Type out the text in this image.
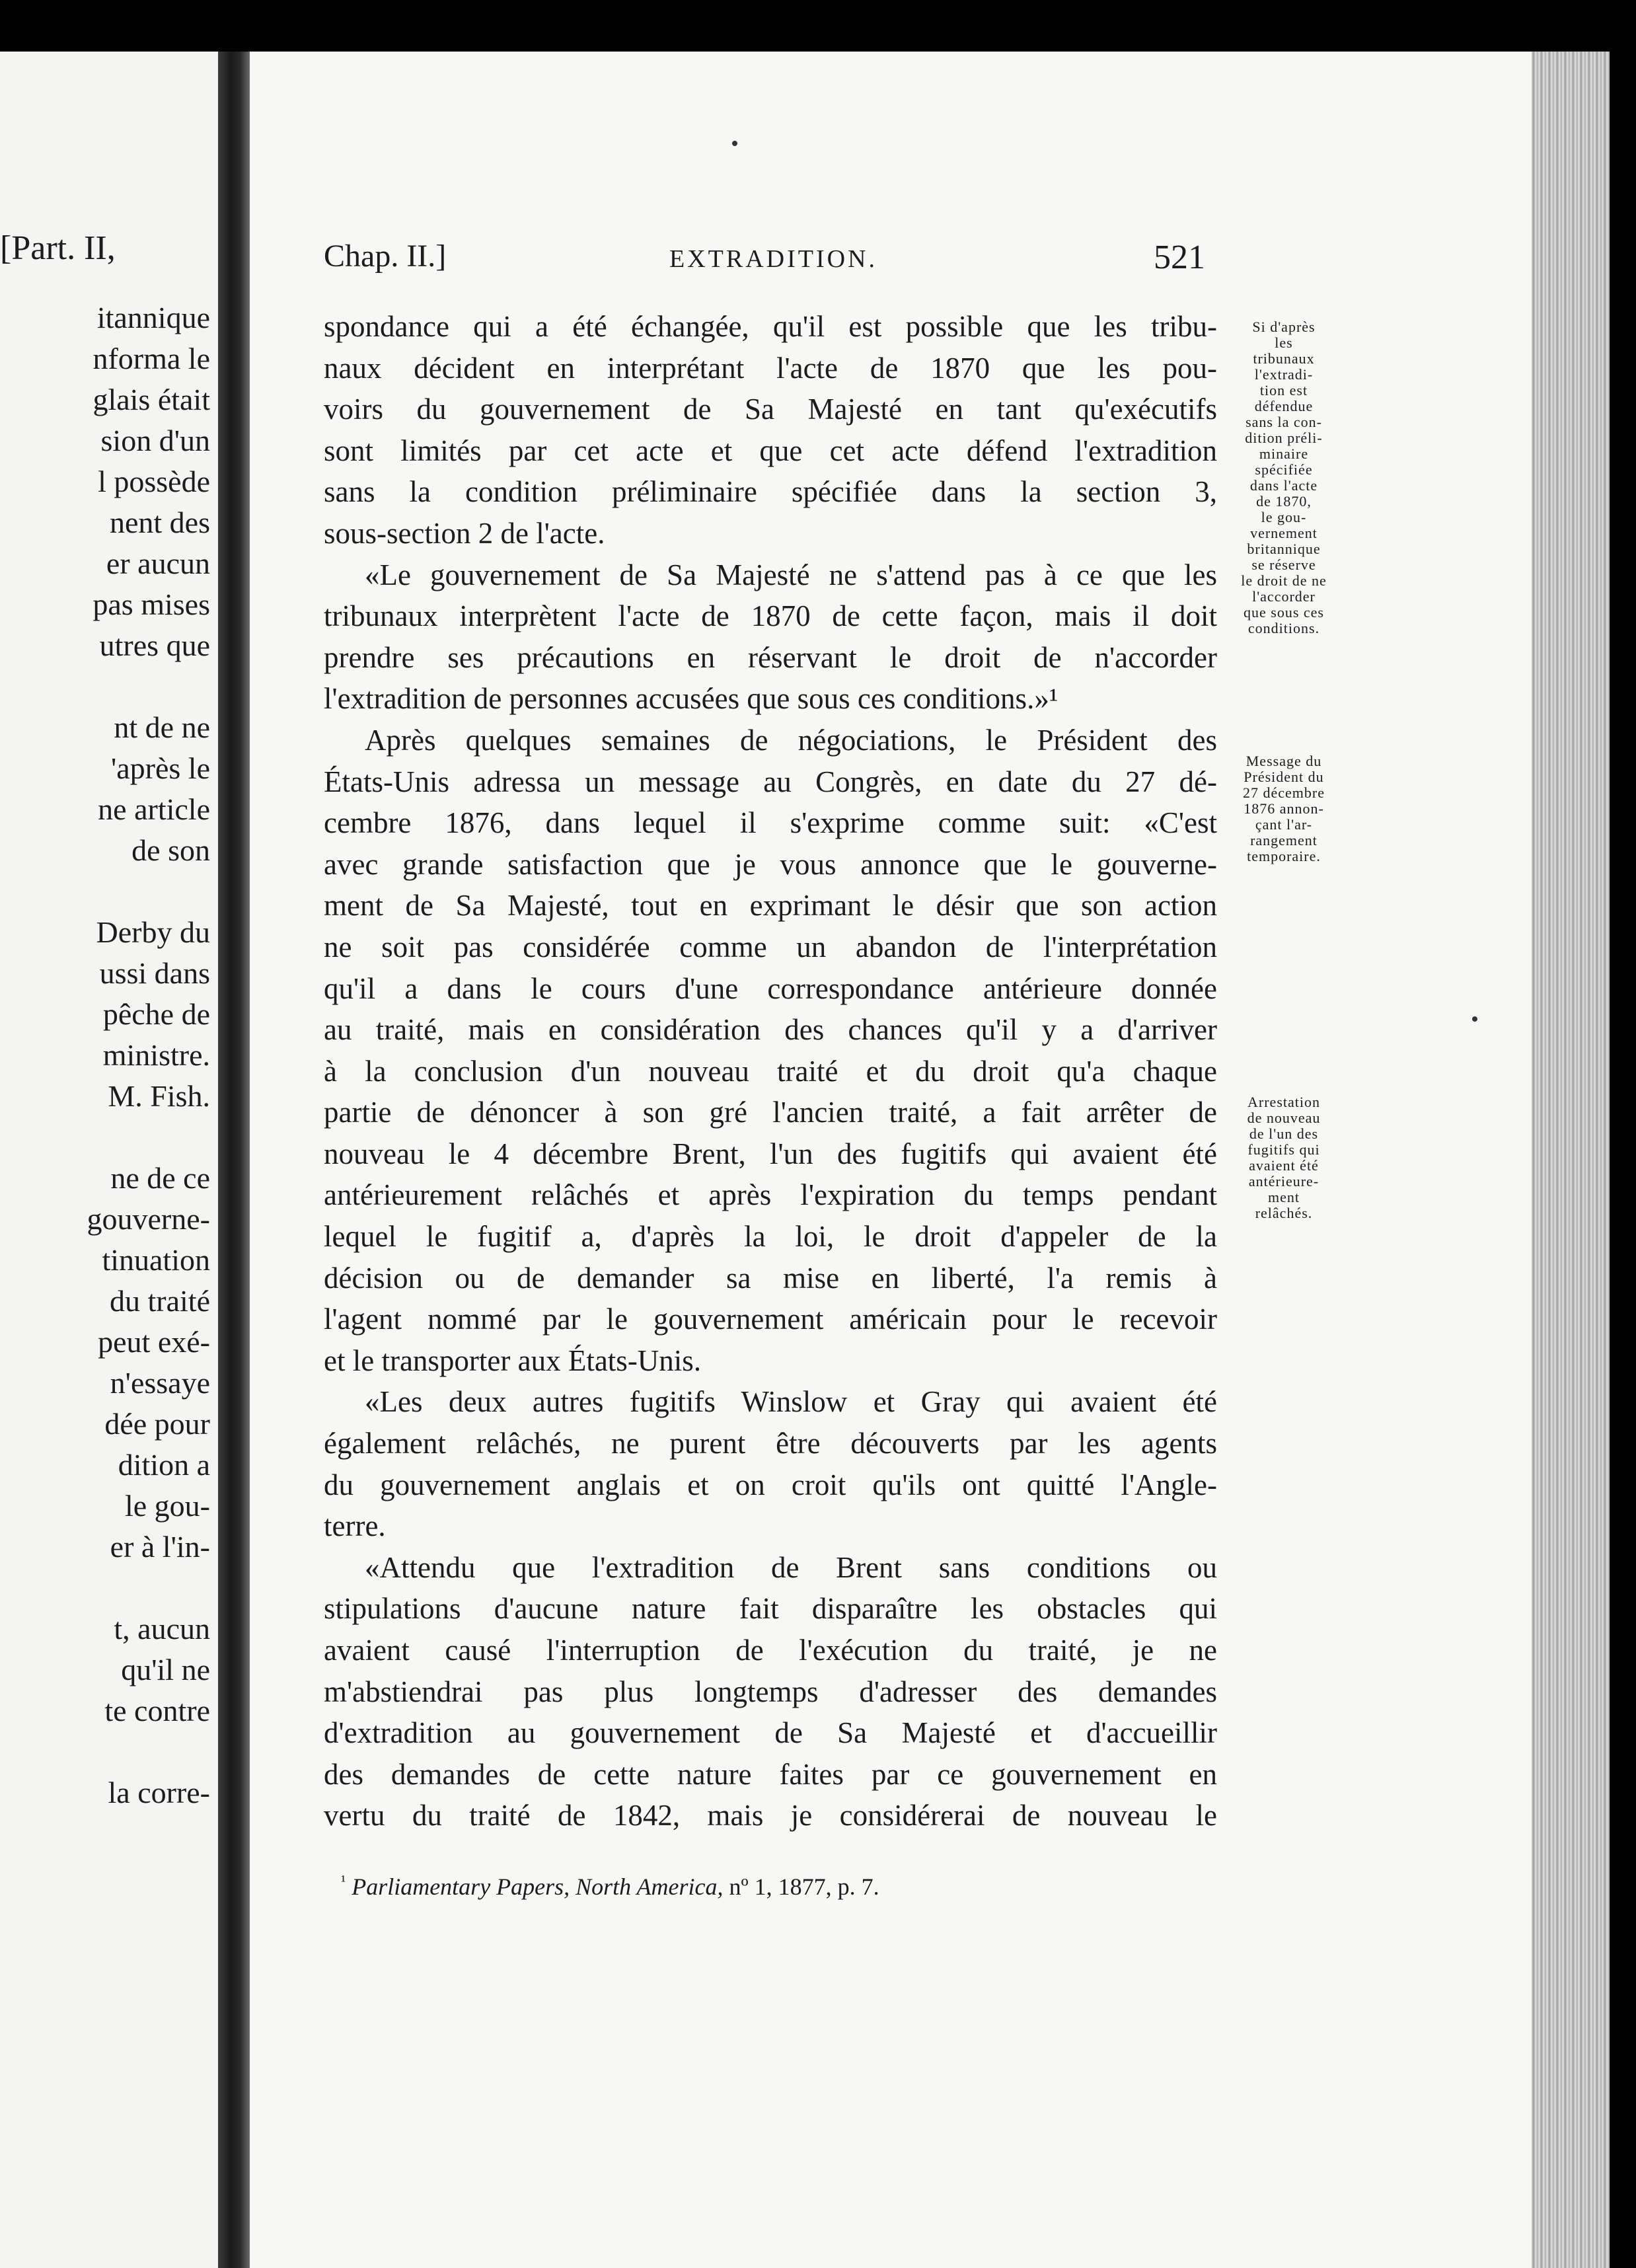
[Part. II,
itannique
nforma le
glais était
sion d'un
l possède
nent des
er aucun
pas mises
utres que
nt de ne
'après le
ne article
de son
Derby du
ussi dans
pêche de
ministre.
M. Fish.
ne de ce
gouverne-
tinuation
du traité
peut exé-
n'essaye
dée pour
dition a
le gou-
er à l'in-
t, aucun
qu'il ne
te contre
la corre-
Chap. II.]	EXTRADITION.	521
spondance qui a été échangée, qu'il est possible que les tribu-
naux décident en interprétant l'acte de 1870 que les pou-
voirs du gouvernement de Sa Majesté en tant qu'exécutifs
sont limités par cet acte et que cet acte défend l'extradition
sans la condition préliminaire spécifiée dans la section 3,
sous-section 2 de l'acte.
«Le gouvernement de Sa Majesté ne s'attend pas à ce que les
tribunaux interprètent l'acte de 1870 de cette façon, mais il doit
prendre ses précautions en réservant le droit de n'accorder
l'extradition de personnes accusées que sous ces conditions.»¹
Après quelques semaines de négociations, le Président des
États-Unis adressa un message au Congrès, en date du 27 dé-
cembre 1876, dans lequel il s'exprime comme suit: «C'est
avec grande satisfaction que je vous annonce que le gouverne-
ment de Sa Majesté, tout en exprimant le désir que son action
ne soit pas considérée comme un abandon de l'interprétation
qu'il a dans le cours d'une correspondance antérieure donnée
au traité, mais en considération des chances qu'il y a d'arriver
à la conclusion d'un nouveau traité et du droit qu'a chaque
partie de dénoncer à son gré l'ancien traité, a fait arrêter de
nouveau le 4 décembre Brent, l'un des fugitifs qui avaient été
antérieurement relâchés et après l'expiration du temps pendant
lequel le fugitif a, d'après la loi, le droit d'appeler de la
décision ou de demander sa mise en liberté, l'a remis à
l'agent nommé par le gouvernement américain pour le recevoir
et le transporter aux États-Unis.
«Les deux autres fugitifs Winslow et Gray qui avaient été
également relâchés, ne purent être découverts par les agents
du gouvernement anglais et on croit qu'ils ont quitté l'Angle-
terre.
«Attendu que l'extradition de Brent sans conditions ou
stipulations d'aucune nature fait disparaître les obstacles qui
avaient causé l'interruption de l'exécution du traité, je ne
m'abstiendrai pas plus longtemps d'adresser des demandes
d'extradition au gouvernement de Sa Majesté et d'accueillir
des demandes de cette nature faites par ce gouvernement en
vertu du traité de 1842, mais je considérerai de nouveau le
Si d'après
les
tribunaux
l'extradi-
tion est
défendue
sans la con-
dition préli-
minaire
spécifiée
dans l'acte
de 1870,
le gou-
vernement
britannique
se réserve
le droit de ne
l'accorder
que sous ces
conditions.
Message du
Président du
27 décembre
1876 annon-
çant l'ar-
rangement
temporaire.
Arrestation
de nouveau
de l'un des
fugitifs qui
avaient été
antérieure-
ment
relâchés.
$^{^1}$ Parliamentary Papers, North America, nº 1, 1877, p. 7.
